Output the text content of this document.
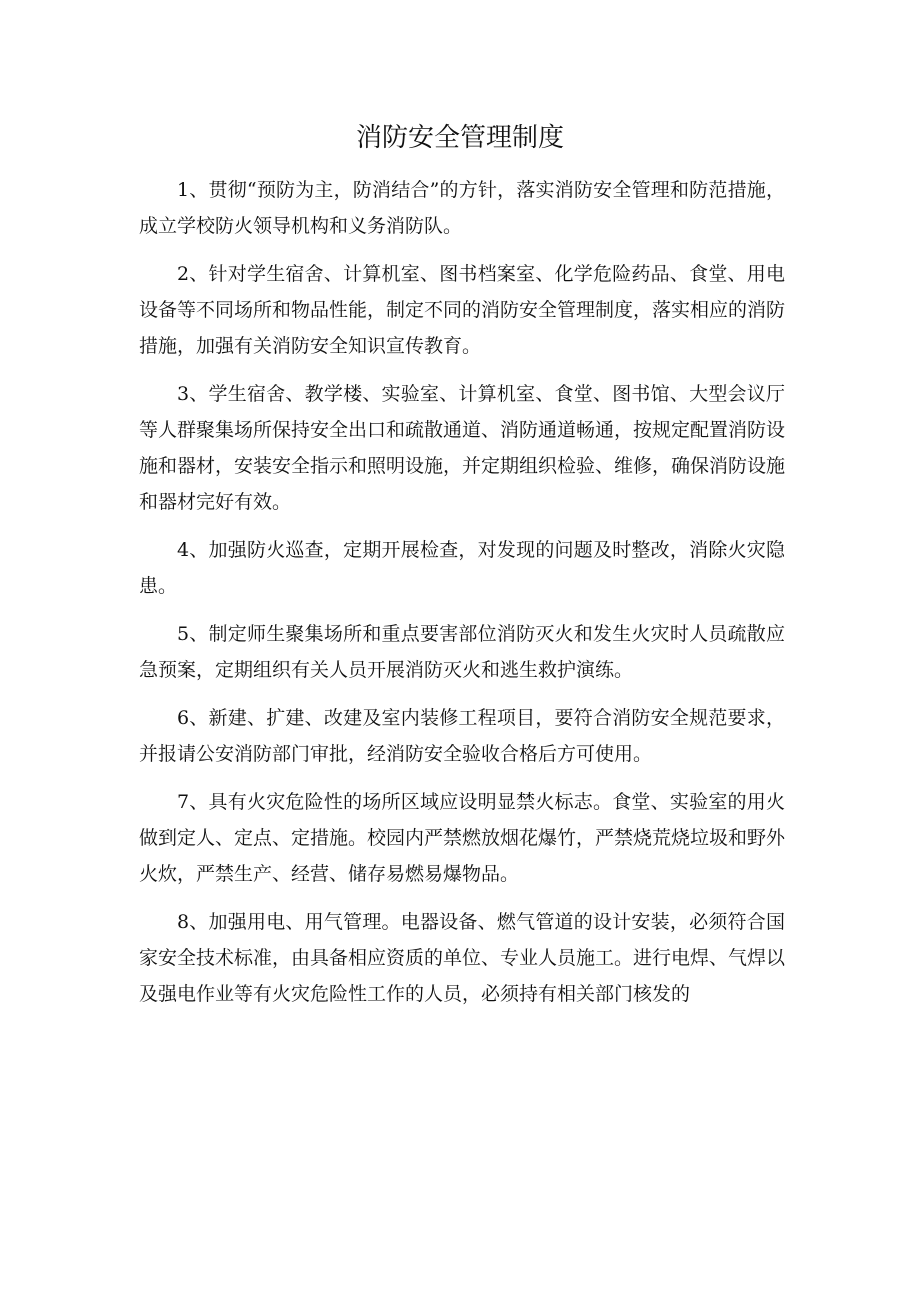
消防安全管理制度

1、贯彻“预防为主，防消结合”的方针，落实消防安全管理和防范措施，成立学校防火领导机构和义务消防队。

2、针对学生宿舍、计算机室、图书档案室、化学危险药品、食堂、用电设备等不同场所和物品性能，制定不同的消防安全管理制度，落实相应的消防措施，加强有关消防安全知识宣传教育。

3、学生宿舍、教学楼、实验室、计算机室、食堂、图书馆、大型会议厅等人群聚集场所保持安全出口和疏散通道、消防通道畅通，按规定配置消防设施和器材，安装安全指示和照明设施，并定期组织检验、维修，确保消防设施和器材完好有效。

4、加强防火巡查，定期开展检查，对发现的问题及时整改，消除火灾隐患。

5、制定师生聚集场所和重点要害部位消防灭火和发生火灾时人员疏散应急预案，定期组织有关人员开展消防灭火和逃生救护演练。

6、新建、扩建、改建及室内装修工程项目，要符合消防安全规范要求，并报请公安消防部门审批，经消防安全验收合格后方可使用。

7、具有火灾危险性的场所区域应设明显禁火标志。食堂、实验室的用火做到定人、定点、定措施。校园内严禁燃放烟花爆竹，严禁烧荒烧垃圾和野外火炊，严禁生产、经营、储存易燃易爆物品。

8、加强用电、用气管理。电器设备、燃气管道的设计安装，必须符合国家安全技术标准，由具备相应资质的单位、专业人员施工。进行电焊、气焊以及强电作业等有火灾危险性工作的人员，必须持有相关部门核发的
